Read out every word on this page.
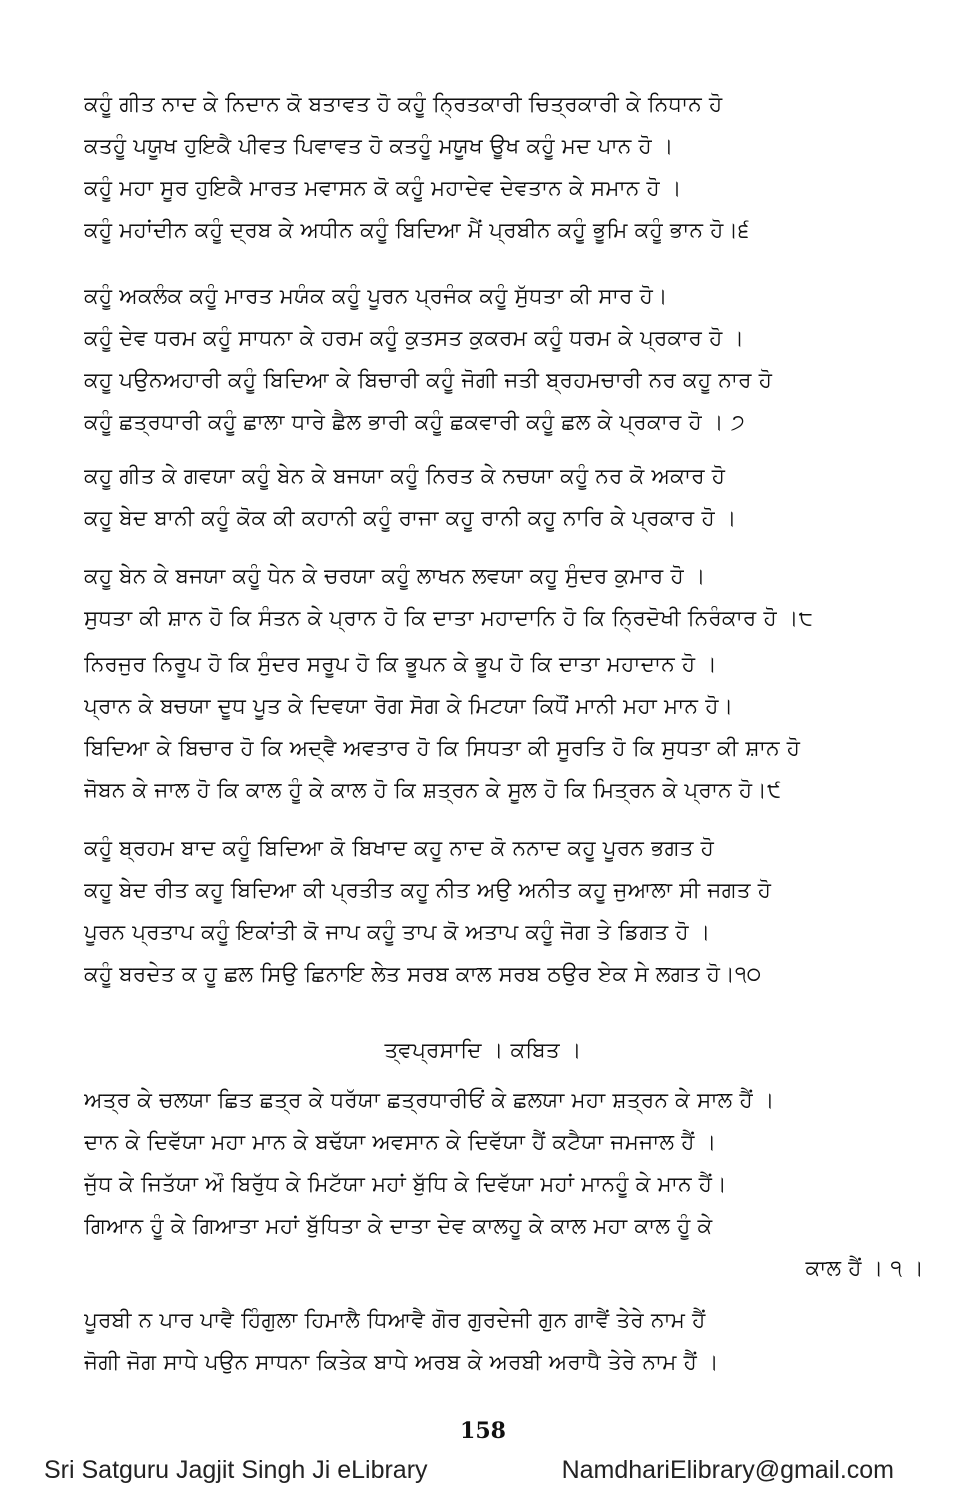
ਕਹੂੰ ਗੀਤ ਨਾਦ ਕੇ ਨਿਦਾਨ ਕੋ ਬਤਾਵਤ ਹੋ ਕਹੂੰ ਨ੍ਰਿਤਕਾਰੀ ਚਿਤ੍ਰਕਾਰੀ ਕੇ ਨਿਧਾਨ ਹੋ
ਕਤਹੂੰ ਪਯੂਖ ਹੁਇਕੈ ਪੀਵਤ ਪਿਵਾਵਤ ਹੋ ਕਤਹੂੰ ਮਯੂਖ ਊਖ ਕਹੂੰ ਮਦ ਪਾਨ ਹੋ ।
ਕਹੂੰ ਮਹਾ ਸੂਰ ਹੁਇਕੈ ਮਾਰਤ ਮਵਾਸਨ ਕੋ ਕਹੂੰ ਮਹਾਦੇਵ ਦੇਵਤਾਨ ਕੇ ਸਮਾਨ ਹੋ ।
ਕਹੂੰ ਮਹਾਂਦੀਨ ਕਹੂੰ ਦ੍ਰਬ ਕੇ ਅਧੀਨ ਕਹੂੰ ਬਿਦਿਆ ਮੈਂ ਪ੍ਰਬੀਨ ਕਹੂੰ ਭੂਮਿ ਕਹੂੰ ਭਾਨ ਹੋ।੬
ਕਹੂੰ ਅਕਲੰਕ ਕਹੂੰ ਮਾਰਤ ਮਯੰਕ ਕਹੂੰ ਪੂਰਨ ਪ੍ਰਜੰਕ ਕਹੂੰ ਸੁੱਧਤਾ ਕੀ ਸਾਰ ਹੋ।
ਕਹੂੰ ਦੇਵ ਧਰਮ ਕਹੂੰ ਸਾਧਨਾ ਕੇ ਹਰਮ ਕਹੂੰ ਕੁਤਸਤ ਕੁਕਰਮ ਕਹੂੰ ਧਰਮ ਕੇ ਪ੍ਰਕਾਰ ਹੋ ।
ਕਹੂ ਪਉਨਅਹਾਰੀ ਕਹੂੰ ਬਿਦਿਆ ਕੇ ਬਿਚਾਰੀ ਕਹੂੰ ਜੋਗੀ ਜਤੀ ਬ੍ਰਹਮਚਾਰੀ ਨਰ ਕਹੂ ਨਾਰ ਹੋ
ਕਹੂੰ ਛਤ੍ਰਧਾਰੀ ਕਹੂੰ ਛਾਲਾ ਧਾਰੇ ਛੈਲ ਭਾਰੀ ਕਹੂੰ ਛਕਵਾਰੀ ਕਹੂੰ ਛਲ ਕੇ ਪ੍ਰਕਾਰ ਹੋ । ੭
ਕਹੂ ਗੀਤ ਕੇ ਗਵਯਾ ਕਹੂੰ ਬੇਨ ਕੇ ਬਜਯਾ ਕਹੂੰ ਨਿਰਤ ਕੇ ਨਚਯਾ ਕਹੂੰ ਨਰ ਕੋ ਅਕਾਰ ਹੋ
ਕਹੂ ਬੇਦ ਬਾਨੀ ਕਹੂੰ ਕੋਕ ਕੀ ਕਹਾਨੀ ਕਹੂੰ ਰਾਜਾ ਕਹੂ ਰਾਨੀ ਕਹੂ ਨਾਰਿ ਕੇ ਪ੍ਰਕਾਰ ਹੋ ।
ਕਹੂ ਬੇਨ ਕੇ ਬਜਯਾ ਕਹੂੰ ਧੇਨ ਕੇ ਚਰਯਾ ਕਹੂੰ ਲਾਖਨ ਲਵਯਾ ਕਹੂ ਸੁੰਦਰ ਕੁਮਾਰ ਹੋ ।
ਸੁਧਤਾ ਕੀ ਸ਼ਾਨ ਹੋ ਕਿ ਸੰਤਨ ਕੇ ਪ੍ਰਾਨ ਹੋ ਕਿ ਦਾਤਾ ਮਹਾਦਾਨਿ ਹੋ ਕਿ ਨ੍ਰਿਦੋਖੀ ਨਿਰੰਕਾਰ ਹੋ ।੮
ਨਿਰਜੁਰ ਨਿਰੂਪ ਹੋ ਕਿ ਸੁੰਦਰ ਸਰੂਪ ਹੋ ਕਿ ਭੂਪਨ ਕੇ ਭੂਪ ਹੋ ਕਿ ਦਾਤਾ ਮਹਾਦਾਨ ਹੋ ।
ਪ੍ਰਾਨ ਕੇ ਬਚਯਾ ਦੂਧ ਪੂਤ ਕੇ ਦਿਵਯਾ ਰੋਗ ਸੋਗ ਕੇ ਮਿਟਯਾ ਕਿਧੌਂ ਮਾਨੀ ਮਹਾ ਮਾਨ ਹੋ।
ਬਿਦਿਆ ਕੇ ਬਿਚਾਰ ਹੋ ਕਿ ਅਦ੍ਵੈ ਅਵਤਾਰ ਹੋ ਕਿ ਸਿਧਤਾ ਕੀ ਸੂਰਤਿ ਹੋ ਕਿ ਸੁਧਤਾ ਕੀ ਸ਼ਾਨ ਹੋ
ਜੋਬਨ ਕੇ ਜਾਲ ਹੋ ਕਿ ਕਾਲ ਹੂੰ ਕੇ ਕਾਲ ਹੋ ਕਿ ਸ਼ਤ੍ਰਨ ਕੇ ਸੂਲ ਹੋ ਕਿ ਮਿਤ੍ਰਨ ਕੇ ਪ੍ਰਾਨ ਹੋ।੯
ਕਹੂੰ ਬ੍ਰਹਮ ਬਾਦ ਕਹੂੰ ਬਿਦਿਆ ਕੋ ਬਿਖਾਦ ਕਹੂ ਨਾਦ ਕੋ ਨਨਾਦ ਕਹੂ ਪੂਰਨ ਭਗਤ ਹੋ
ਕਹੂ ਬੇਦ ਰੀਤ ਕਹੂ ਬਿਦਿਆ ਕੀ ਪ੍ਰਤੀਤ ਕਹੂ ਨੀਤ ਅਉ ਅਨੀਤ ਕਹੂ ਜੁਆਲਾ ਸੀ ਜਗਤ ਹੋ
ਪੂਰਨ ਪ੍ਰਤਾਪ ਕਹੂੰ ਇਕਾਂਤੀ ਕੋ ਜਾਪ ਕਹੂੰ ਤਾਪ ਕੋ ਅਤਾਪ ਕਹੂੰ ਜੋਗ ਤੇ ਡਿਗਤ ਹੋ ।
ਕਹੂੰ ਬਰਦੇਤ ਕ ਹੂ ਛਲ ਸਿਉ ਛਿਨਾਇ ਲੇਤ ਸਰਬ ਕਾਲ ਸਰਬ ਠਉਰ ਏਕ ਸੇ ਲਗਤ ਹੋ।੧੦
ਤ੍ਵਪ੍ਰਸਾਦਿ । ਕਬਿਤ ।
ਅਤ੍ਰ ਕੇ ਚਲਯਾ ਛਿਤ ਛਤ੍ਰ ਕੇ ਧਰੱਯਾ ਛਤ੍ਰਧਾਰੀਓਂ ਕੇ ਛਲਯਾ ਮਹਾ ਸ਼ਤ੍ਰਨ ਕੇ ਸਾਲ ਹੈਂ ।
ਦਾਨ ਕੇ ਦਿਵੱਯਾ ਮਹਾ ਮਾਨ ਕੇ ਬਢੱਯਾ ਅਵਸਾਨ ਕੇ ਦਿਵੱਯਾ ਹੈਂ ਕਟੈਯਾ ਜਮਜਾਲ ਹੈਂ ।
ਜੁੱਧ ਕੇ ਜਿਤੱਯਾ ਔ ਬਿਰੁੱਧ ਕੇ ਮਿਟੱਯਾ ਮਹਾਂ ਬੁੱਧਿ ਕੇ ਦਿਵੱਯਾ ਮਹਾਂ ਮਾਨਹੂੰ ਕੇ ਮਾਨ ਹੈਂ।
ਗਿਆਨ ਹੂੰ ਕੇ ਗਿਆਤਾ ਮਹਾਂ ਬੁੱਧਿਤਾ ਕੇ ਦਾਤਾ ਦੇਵ ਕਾਲਹੂ ਕੇ ਕਾਲ ਮਹਾ ਕਾਲ ਹੂੰ ਕੇ
ਕਾਲ ਹੈਂ । ੧ ।
ਪੂਰਬੀ ਨ ਪਾਰ ਪਾਵੈ ਹਿੰਗੁਲਾ ਹਿਮਾਲੈ ਧਿਆਵੈ ਗੋਰ ਗੁਰਦੇਜੀ ਗੁਨ ਗਾਵੈਂ ਤੇਰੇ ਨਾਮ ਹੈਂ
ਜੋਗੀ ਜੋਗ ਸਾਧੇ ਪਉਨ ਸਾਧਨਾ ਕਿਤੇਕ ਬਾਧੇ ਅਰਬ ਕੇ ਅਰਬੀ ਅਰਾਧੈ ਤੇਰੇ ਨਾਮ ਹੈਂ ।
158
Sri Satguru Jagjit Singh Ji eLibrary	NamdhariElibrary@gmail.com
